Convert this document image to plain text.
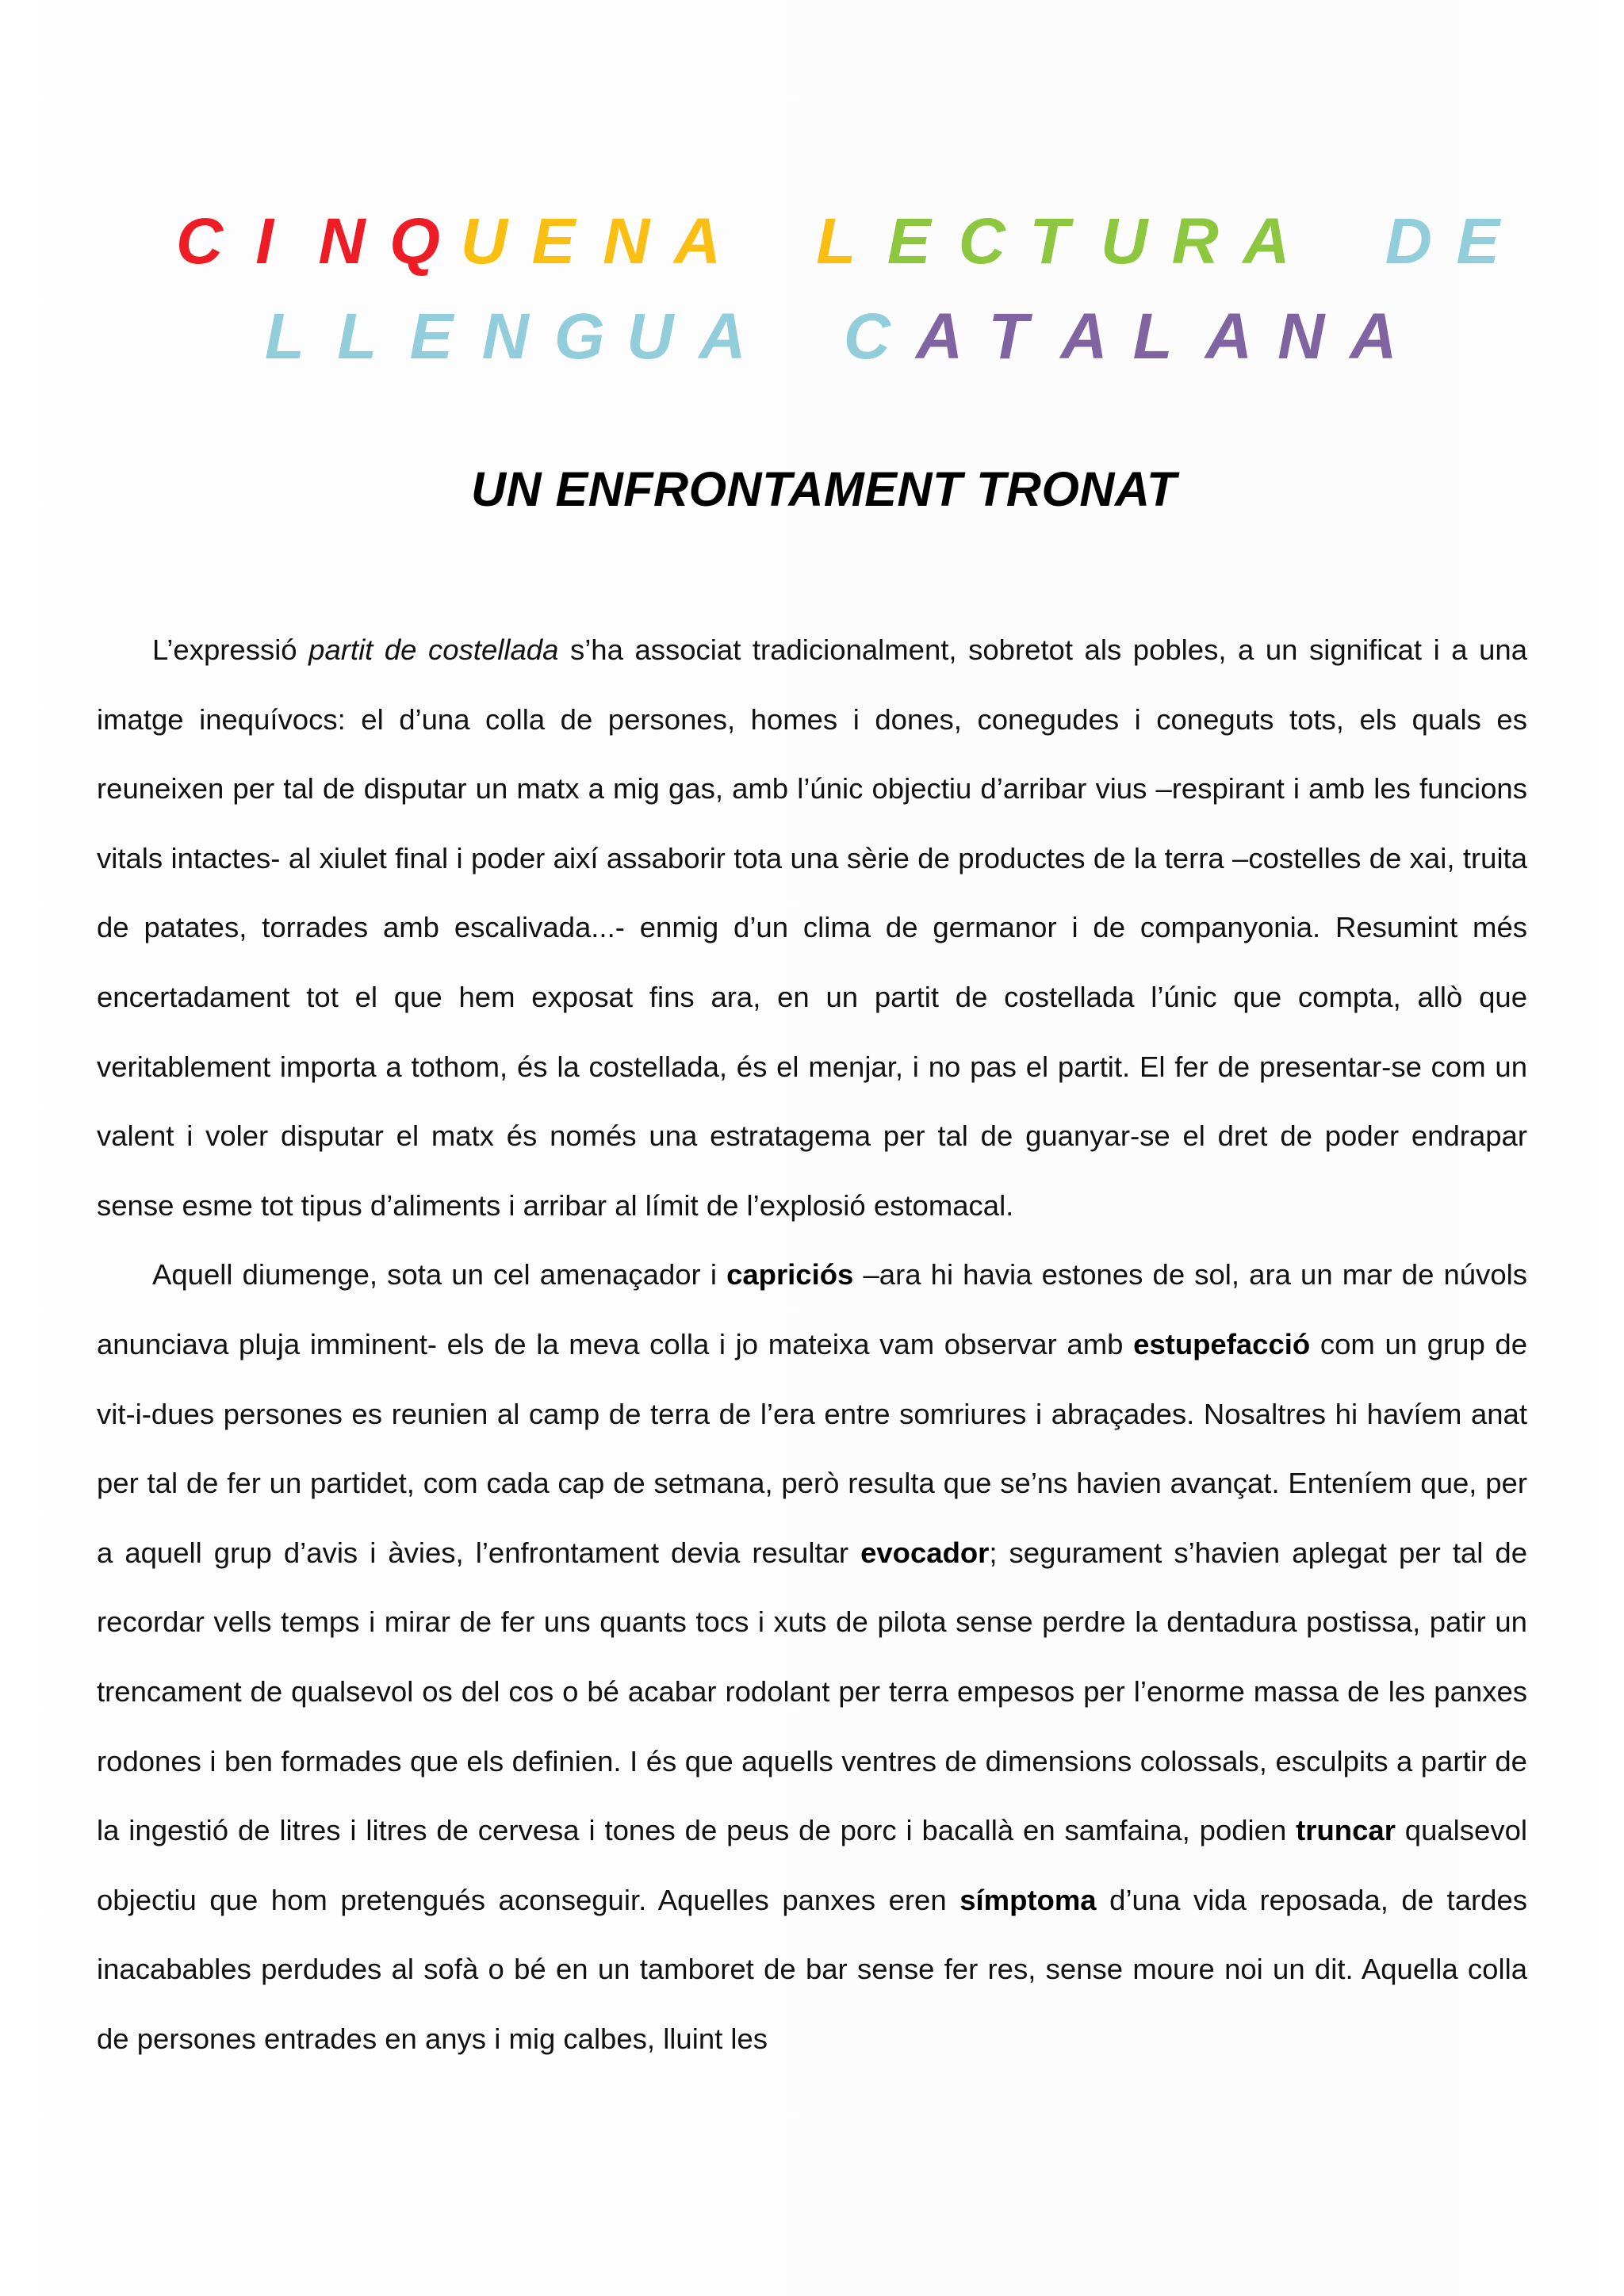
C I N Q U E N A
L E C T U R A
D E
L L E N G U A
C A T A L A N A
UN ENFRONTAMENT TRONAT

L’expressió partit de costellada s’ha associat tradicionalment, sobretot als pobles, a un significat i a una imatge inequívocs: el d’una colla de persones, homes i dones, conegudes i coneguts tots, els quals es reuneixen per tal de disputar un matx a mig gas, amb l’únic objectiu d’arribar vius –respirant i amb les funcions vitals intactes- al xiulet final i poder així assaborir tota una sèrie de productes de la terra –costelles de xai, truita de patates, torrades amb escalivada...- enmig d’un clima de germanor i de companyonia. Resumint més encertadament tot el que hem exposat fins ara, en un partit de costellada l’únic que compta, allò que veritablement importa a tothom, és la costellada, és el menjar, i no pas el partit. El fer de presentar-se com un valent i voler disputar el matx és només una estratagema per tal de guanyar-se el dret de poder endrapar sense esme tot tipus d’aliments i arribar al límit de l’explosió estomacal.

Aquell diumenge, sota un cel amenaçador i capriciós –ara hi havia estones de sol, ara un mar de núvols anunciava pluja imminent- els de la meva colla i jo mateixa vam observar amb estupefacció com un grup de vit-i-dues persones es reunien al camp de terra de l’era entre somriures i abraçades. Nosaltres hi havíem anat per tal de fer un partidet, com cada cap de setmana, però resulta que se’ns havien avançat. Enteníem que, per a aquell grup d’avis i àvies, l’enfrontament devia resultar evocador; segurament s’havien aplegat per tal de recordar vells temps i mirar de fer uns quants tocs i xuts de pilota sense perdre la dentadura postissa, patir un trencament de qualsevol os del cos o bé acabar rodolant per terra empesos per l’enorme massa de les panxes rodones i ben formades que els definien. I és que aquells ventres de dimensions colossals, esculpits a partir de la ingestió de litres i litres de cervesa i tones de peus de porc i bacallà en samfaina, podien truncar qualsevol objectiu que hom pretengués aconseguir. Aquelles panxes eren símptoma d’una vida reposada, de tardes inacabables perdudes al sofà o bé en un tamboret de bar sense fer res, sense moure noi un dit. Aquella colla de persones entrades en anys i mig calbes, lluint les
